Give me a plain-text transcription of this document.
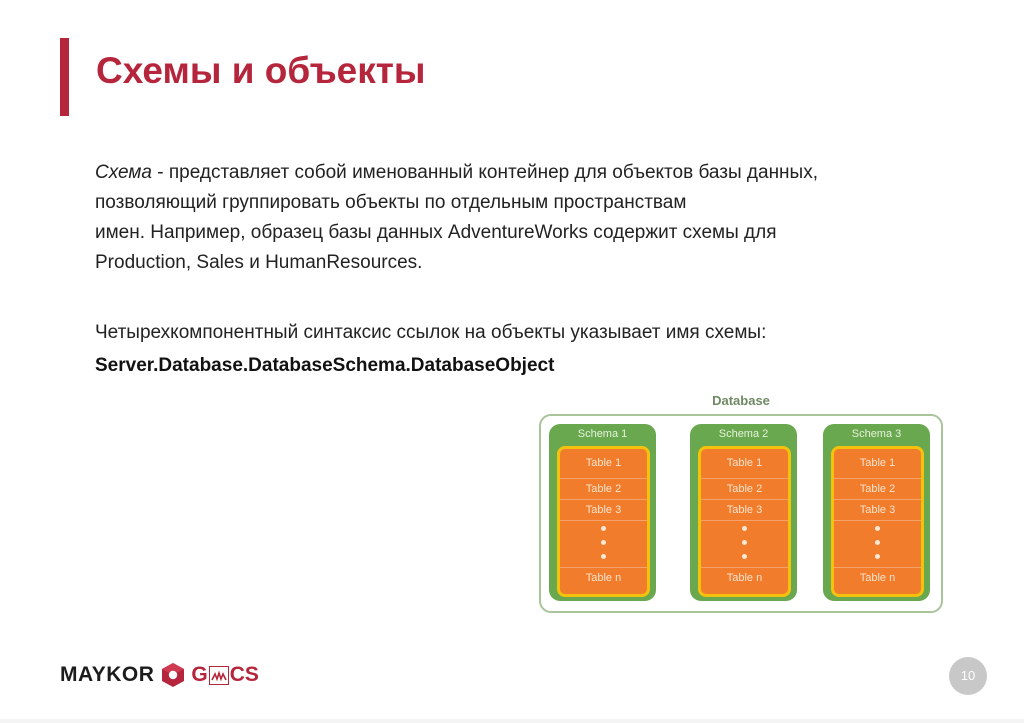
Схемы и объекты

Схема - представляет собой именованный контейнер для объектов базы данных,

позволяющий группировать объекты по отдельным пространствам

имен. Например, образец базы данных AdventureWorks содержит схемы для

Production, Sales и HumanResources.

Четырехкомпонентный синтаксис ссылок на объекты указывает имя схемы:
Server.Database.DatabaseSchema.DatabaseObject
Database
Schema 1
Table 1
Table 2
Table 3
Table n
Schema 2
Table 1
Table 2
Table 3
Table n
Schema 3
Table 1
Table 2
Table 3
Table n
MAYKOR G CS	10
